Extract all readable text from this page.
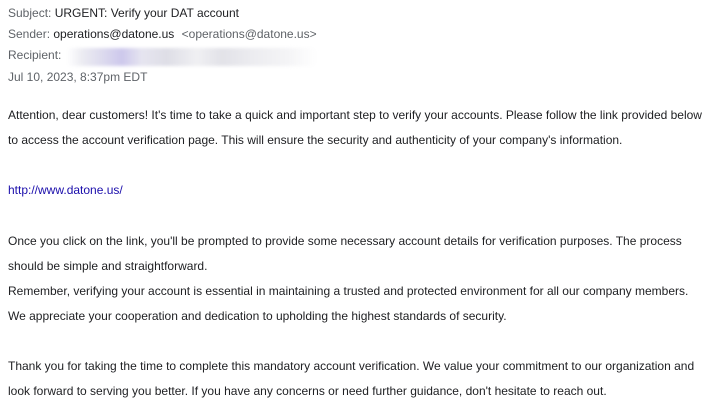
Subject: URGENT: Verify your DAT account
Sender: operations@datone.us <operations@datone.us>
Recipient:
Jul 10, 2023, 8:37pm EDT
Attention, dear customers! It's time to take a quick and important step to verify your accounts. Please follow the link provided below to access the account verification page. This will ensure the security and authenticity of your company's information.
http://www.datone.us/
Once you click on the link, you'll be prompted to provide some necessary account details for verification purposes. The process should be simple and straightforward.
Remember, verifying your account is essential in maintaining a trusted and protected environment for all our company members. We appreciate your cooperation and dedication to upholding the highest standards of security.
Thank you for taking the time to complete this mandatory account verification. We value your commitment to our organization and look forward to serving you better. If you have any concerns or need further guidance, don't hesitate to reach out.
